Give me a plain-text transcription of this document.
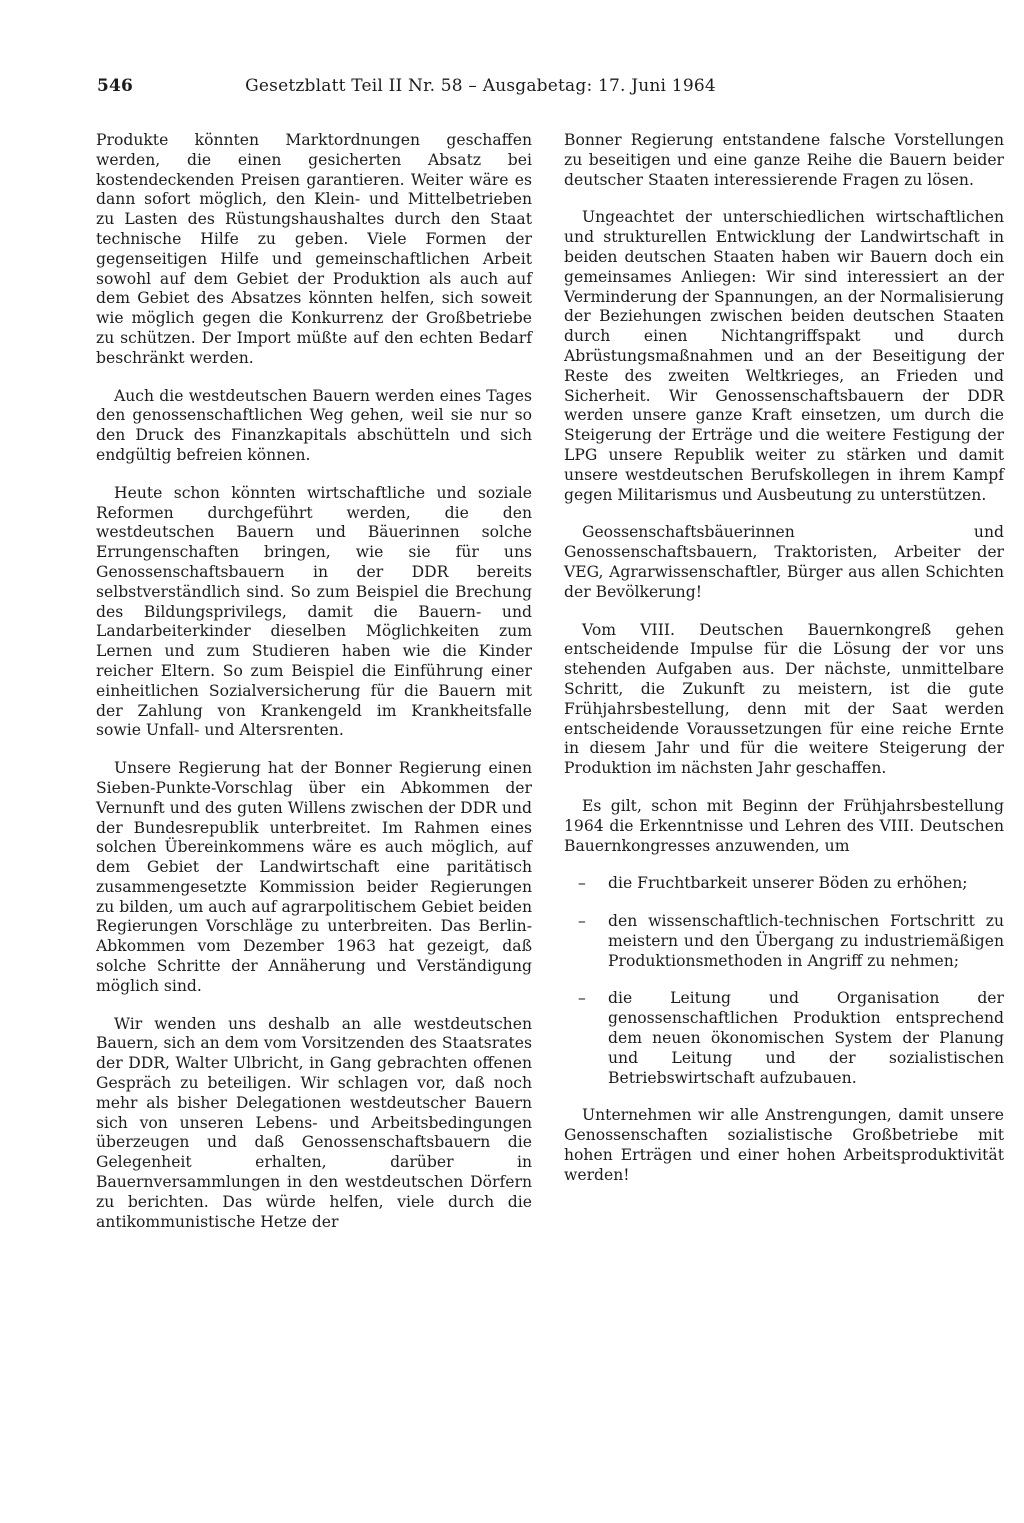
546	Gesetzblatt Teil II Nr. 58 – Ausgabetag: 17. Juni 1964

Produkte könnten Marktordnungen geschaffen werden, die einen gesicherten Absatz bei kostendeckenden Preisen garantieren. Weiter wäre es dann sofort möglich, den Klein- und Mittelbetrieben zu Lasten des Rüstungshaushaltes durch den Staat technische Hilfe zu geben. Viele Formen der gegenseitigen Hilfe und gemeinschaftlichen Arbeit sowohl auf dem Gebiet der Produktion als auch auf dem Gebiet des Absatzes könnten helfen, sich soweit wie möglich gegen die Konkurrenz der Großbetriebe zu schützen. Der Import müßte auf den echten Bedarf beschränkt werden.

Auch die westdeutschen Bauern werden eines Tages den genossenschaftlichen Weg gehen, weil sie nur so den Druck des Finanzkapitals abschütteln und sich endgültig befreien können.

Heute schon könnten wirtschaftliche und soziale Reformen durchgeführt werden, die den westdeutschen Bauern und Bäuerinnen solche Errungenschaften bringen, wie sie für uns Genossenschaftsbauern in der DDR bereits selbstverständlich sind. So zum Beispiel die Brechung des Bildungsprivilegs, damit die Bauern- und Landarbeiterkinder dieselben Möglichkeiten zum Lernen und zum Studieren haben wie die Kinder reicher Eltern. So zum Beispiel die Einführung einer einheitlichen Sozialversicherung für die Bauern mit der Zahlung von Krankengeld im Krankheitsfalle sowie Unfall- und Altersrenten.

Unsere Regierung hat der Bonner Regierung einen Sieben-Punkte-Vorschlag über ein Abkommen der Vernunft und des guten Willens zwischen der DDR und der Bundesrepublik unterbreitet. Im Rahmen eines solchen Übereinkommens wäre es auch möglich, auf dem Gebiet der Landwirtschaft eine paritätisch zusammengesetzte Kommission beider Regierungen zu bilden, um auch auf agrarpolitischem Gebiet beiden Regierungen Vorschläge zu unterbreiten. Das Berlin-Abkommen vom Dezember 1963 hat gezeigt, daß solche Schritte der Annäherung und Verständigung möglich sind.

Wir wenden uns deshalb an alle westdeutschen Bauern, sich an dem vom Vorsitzenden des Staatsrates der DDR, Walter Ulbricht, in Gang gebrachten offenen Gespräch zu beteiligen. Wir schlagen vor, daß noch mehr als bisher Delegationen westdeutscher Bauern sich von unseren Lebens- und Arbeitsbedingungen überzeugen und daß Genossenschaftsbauern die Gelegenheit erhalten, darüber in Bauernversammlungen in den westdeutschen Dörfern zu berichten. Das würde helfen, viele durch die antikommunistische Hetze der

Bonner Regierung entstandene falsche Vorstellungen zu beseitigen und eine ganze Reihe die Bauern beider deutscher Staaten interessierende Fragen zu lösen.

Ungeachtet der unterschiedlichen wirtschaftlichen und strukturellen Entwicklung der Landwirtschaft in beiden deutschen Staaten haben wir Bauern doch ein gemeinsames Anliegen: Wir sind interessiert an der Verminderung der Spannungen, an der Normalisierung der Beziehungen zwischen beiden deutschen Staaten durch einen Nichtangriffspakt und durch Abrüstungsmaßnahmen und an der Beseitigung der Reste des zweiten Weltkrieges, an Frieden und Sicherheit. Wir Genossenschaftsbauern der DDR werden unsere ganze Kraft einsetzen, um durch die Steigerung der Erträge und die weitere Festigung der LPG unsere Republik weiter zu stärken und damit unsere westdeutschen Berufskollegen in ihrem Kampf gegen Militarismus und Ausbeutung zu unterstützen.

Geossenschaftsbäuerinnen und Genossenschaftsbauern, Traktoristen, Arbeiter der VEG, Agrarwissenschaftler, Bürger aus allen Schichten der Bevölkerung!

Vom VIII. Deutschen Bauernkongreß gehen entscheidende Impulse für die Lösung der vor uns stehenden Aufgaben aus. Der nächste, unmittelbare Schritt, die Zukunft zu meistern, ist die gute Frühjahrsbestellung, denn mit der Saat werden entscheidende Voraussetzungen für eine reiche Ernte in diesem Jahr und für die weitere Steigerung der Produktion im nächsten Jahr geschaffen.

Es gilt, schon mit Beginn der Frühjahrsbestellung 1964 die Erkenntnisse und Lehren des VIII. Deutschen Bauernkongresses anzuwenden, um

– die Fruchtbarkeit unserer Böden zu erhöhen;
– den wissenschaftlich-technischen Fortschritt zu meistern und den Übergang zu industriemäßigen Produktionsmethoden in Angriff zu nehmen;
– die Leitung und Organisation der genossenschaftlichen Produktion entsprechend dem neuen ökonomischen System der Planung und Leitung und der sozialistischen Betriebswirtschaft aufzubauen.

Unternehmen wir alle Anstrengungen, damit unsere Genossenschaften sozialistische Großbetriebe mit hohen Erträgen und einer hohen Arbeitsproduktivität werden!
